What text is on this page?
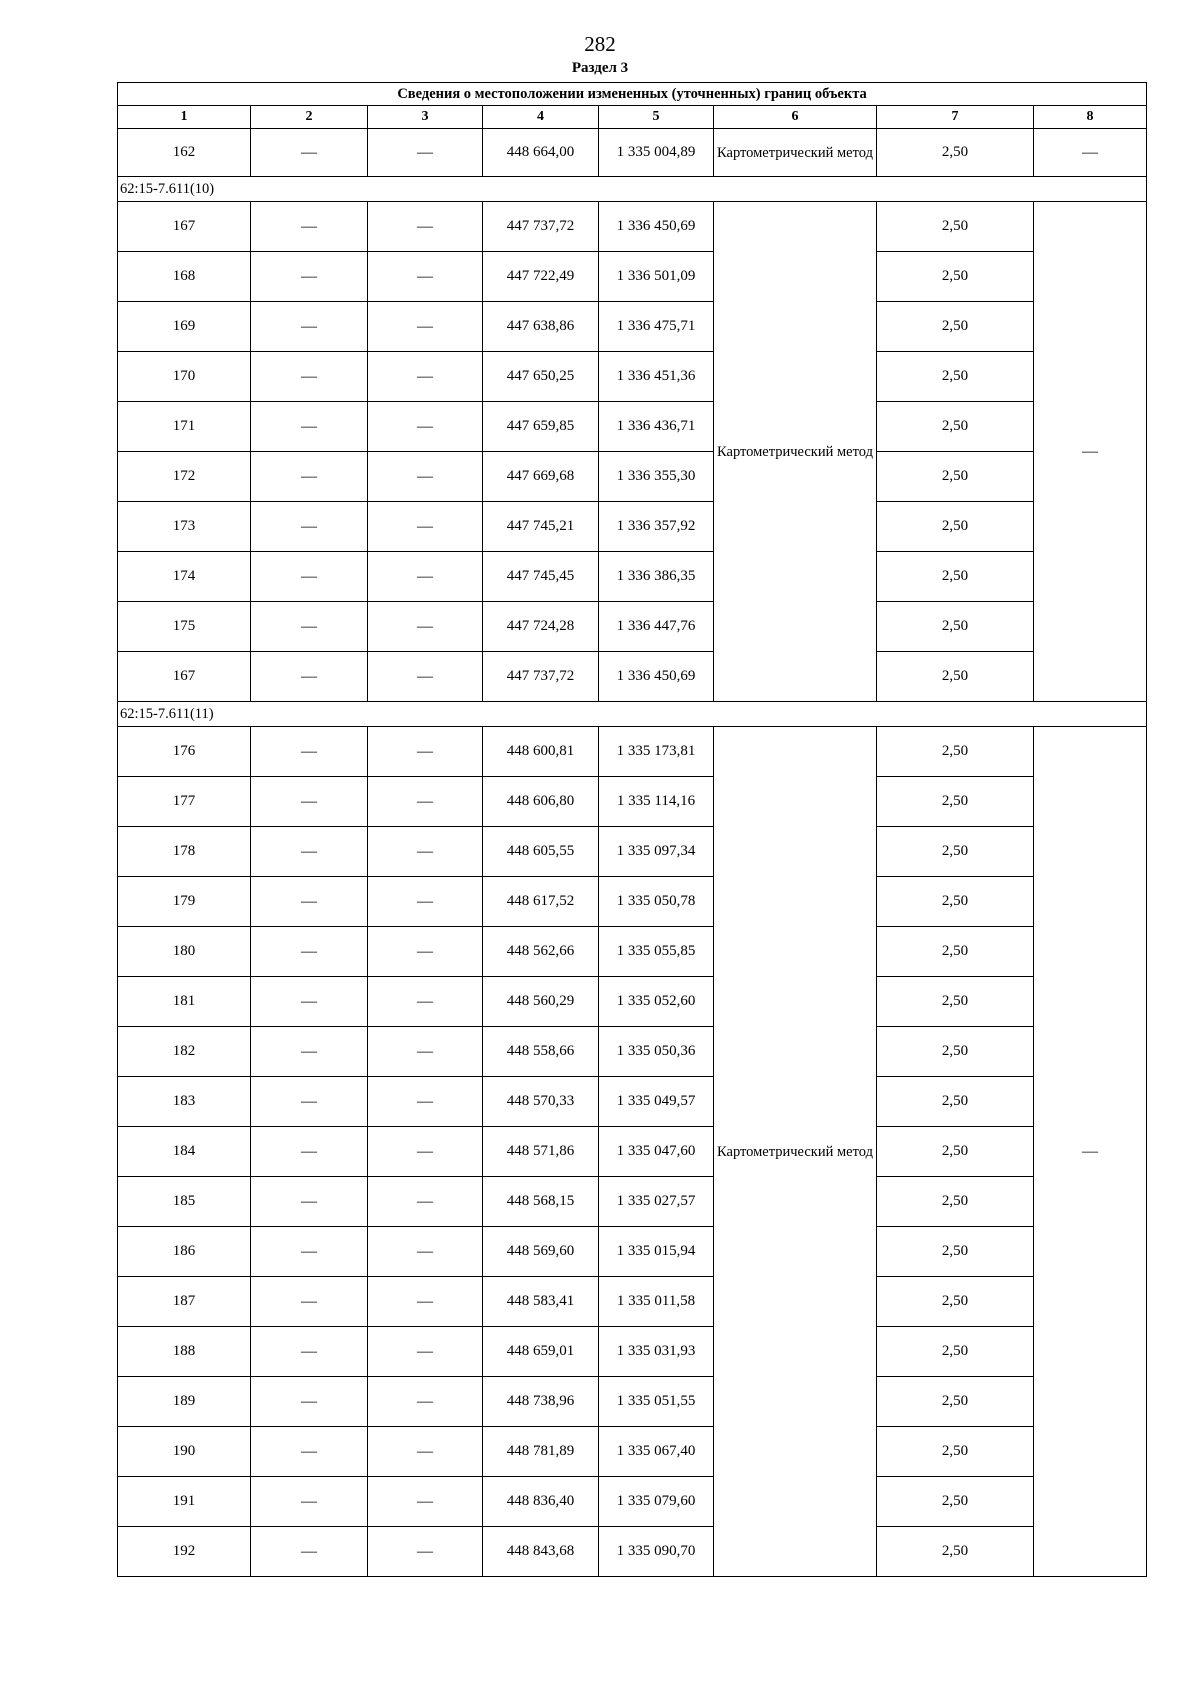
282
Раздел 3
Сведения о местоположении измененных (уточненных) границ объекта							
1	2	3	4	5	6	7	8
162	—	—	448 664,00	1 335 004,89	Картометрический метод	2,50	—
62:15-7.611(10)							
167	—	—	447 737,72	1 336 450,69	Картометрический метод	2,50	—
168	—	—	447 722,49	1 336 501,09		2,50	
169	—	—	447 638,86	1 336 475,71		2,50	
170	—	—	447 650,25	1 336 451,36		2,50	
171	—	—	447 659,85	1 336 436,71		2,50	
172	—	—	447 669,68	1 336 355,30		2,50	
173	—	—	447 745,21	1 336 357,92		2,50	
174	—	—	447 745,45	1 336 386,35		2,50	
175	—	—	447 724,28	1 336 447,76		2,50	
167	—	—	447 737,72	1 336 450,69		2,50	
62:15-7.611(11)							
176	—	—	448 600,81	1 335 173,81	Картометрический метод	2,50	—
177	—	—	448 606,80	1 335 114,16		2,50	
178	—	—	448 605,55	1 335 097,34		2,50	
179	—	—	448 617,52	1 335 050,78		2,50	
180	—	—	448 562,66	1 335 055,85		2,50	
181	—	—	448 560,29	1 335 052,60		2,50	
182	—	—	448 558,66	1 335 050,36		2,50	
183	—	—	448 570,33	1 335 049,57		2,50	
184	—	—	448 571,86	1 335 047,60		2,50	
185	—	—	448 568,15	1 335 027,57		2,50	
186	—	—	448 569,60	1 335 015,94		2,50	
187	—	—	448 583,41	1 335 011,58		2,50	
188	—	—	448 659,01	1 335 031,93		2,50	
189	—	—	448 738,96	1 335 051,55		2,50	
190	—	—	448 781,89	1 335 067,40		2,50	
191	—	—	448 836,40	1 335 079,60		2,50	
192	—	—	448 843,68	1 335 090,70		2,50	
